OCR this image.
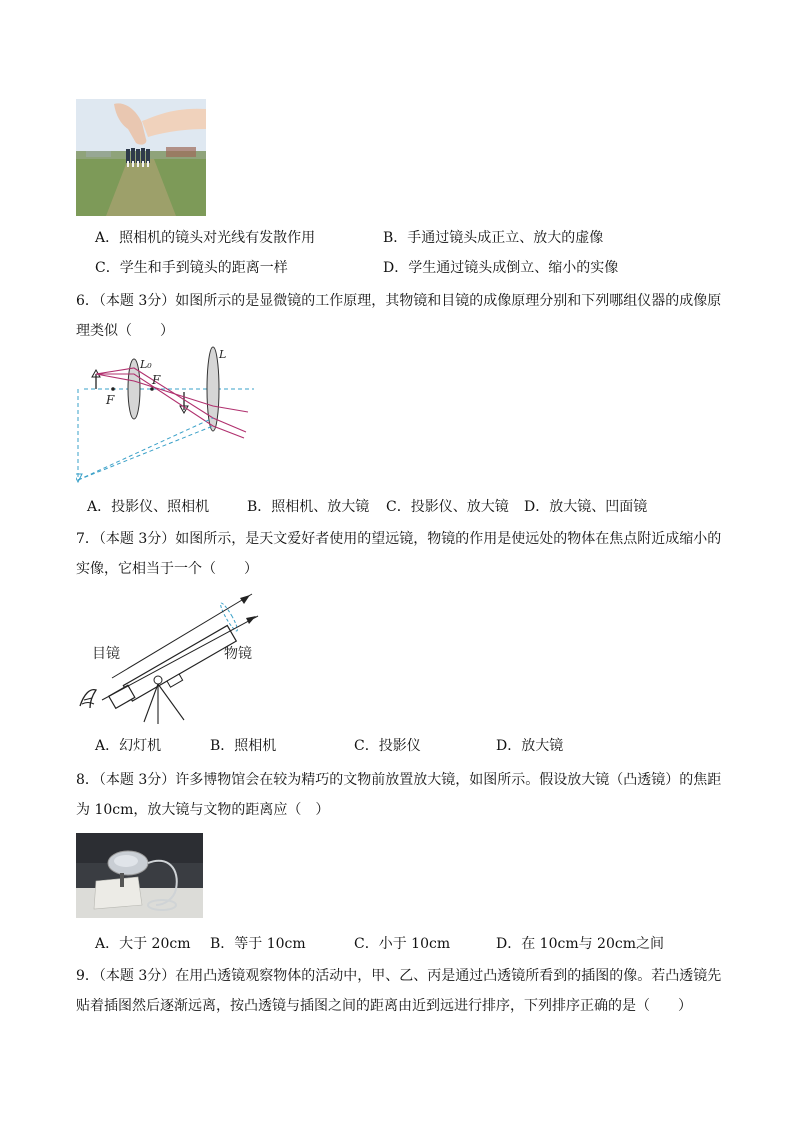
A．照相机的镜头对光线有发散作用	B．手通过镜头成正立、放大的虚像
C．学生和手到镜头的距离一样	D．学生通过镜头成倒立、缩小的实像
6．（本题 3分）如图所示的是显微镜的工作原理，其物镜和目镜的成像原理分别和下列哪组仪器的成像原
理类似（　　）
L₀
L
F
F
A．投影仪、照相机	B．照相机、放大镜 C．投影仪、放大镜 D．放大镜、凹面镜
7．（本题 3分）如图所示，是天文爱好者使用的望远镜，物镜的作用是使远处的物体在焦点附近成缩小的
实像，它相当于一个（　　）
目镜	物镜
A．幻灯机	B．照相机	C．投影仪	D．放大镜
8．（本题 3分）许多博物馆会在较为精巧的文物前放置放大镜，如图所示。假设放大镜（凸透镜）的焦距
为 10cm，放大镜与文物的距离应（　）
A．大于 20cm B．等于 10cm	C．小于 10cm	D．在 10cm与 20cm之间
9．（本题 3分）在用凸透镜观察物体的活动中，甲、乙、丙是通过凸透镜所看到的插图的像。若凸透镜先
贴着插图然后逐渐远离，按凸透镜与插图之间的距离由近到远进行排序，下列排序正确的是（　　）
